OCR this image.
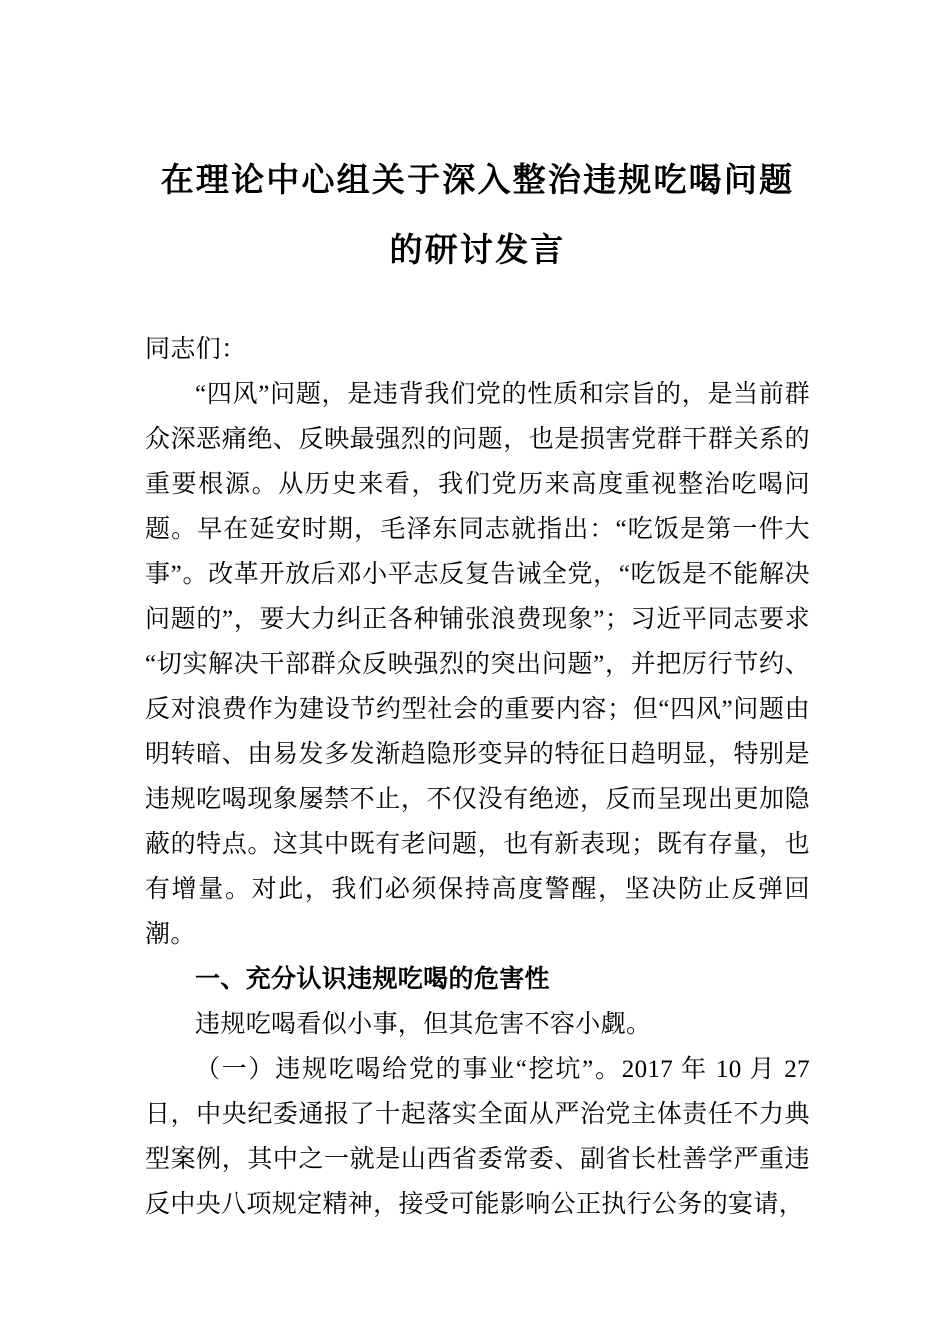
在理论中心组关于深入整治违规吃喝问题的研讨发言

同志们：

“四风”问题，是违背我们党的性质和宗旨的，是当前群众深恶痛绝、反映最强烈的问题，也是损害党群干群关系的重要根源。从历史来看，我们党历来高度重视整治吃喝问题。早在延安时期，毛泽东同志就指出：“吃饭是第一件大事”。改革开放后邓小平志反复告诫全党，“吃饭是不能解决问题的”，要大力纠正各种铺张浪费现象”；习近平同志要求“切实解决干部群众反映强烈的突出问题”，并把厉行节约、反对浪费作为建设节约型社会的重要内容；但“四风”问题由明转暗、由易发多发渐趋隐形变异的特征日趋明显，特别是违规吃喝现象屡禁不止，不仅没有绝迹，反而呈现出更加隐蔽的特点。这其中既有老问题，也有新表现；既有存量，也有增量。对此，我们必须保持高度警醒，坚决防止反弹回潮。

一、充分认识违规吃喝的危害性

违规吃喝看似小事，但其危害不容小觑。

（一）违规吃喝给党的事业“挖坑”。2017 年 10 月 27 日，中央纪委通报了十起落实全面从严治党主体责任不力典型案例，其中之一就是山西省委常委、副省长杜善学严重违反中央八项规定精神，接受可能影响公正执行公务的宴请，
